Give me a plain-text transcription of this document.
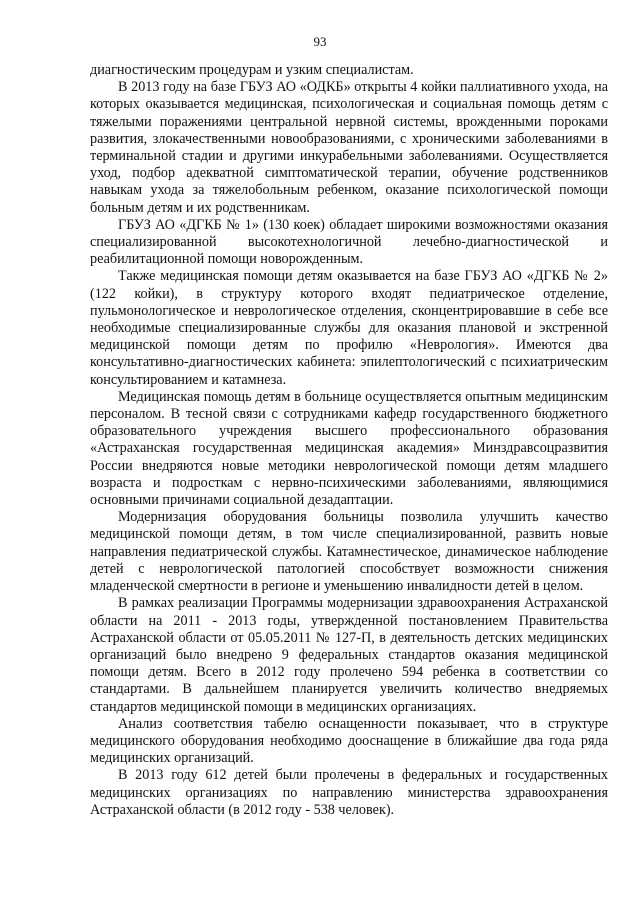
93

диагностическим процедурам и узким специалистам.

В 2013 году на базе ГБУЗ АО «ОДКБ» открыты 4 койки паллиативного ухода, на которых оказывается медицинская, психологическая и социальная помощь детям с тяжелыми поражениями центральной нервной системы, врожденными пороками развития, злокачественными новообразованиями, с хроническими заболеваниями в терминальной стадии и другими инкурабельными заболеваниями. Осуществляется уход, подбор адекватной симптоматической терапии, обучение родственников навыкам ухода за тяжелобольным ребенком, оказание психологической помощи больным детям и их родственникам.

ГБУЗ АО «ДГКБ № 1» (130 коек) обладает широкими возможностями оказания специализированной высокотехнологичной лечебно-диагностической и реабилитационной помощи новорожденным.

Также медицинская помощи детям оказывается на базе ГБУЗ АО «ДГКБ № 2» (122 койки), в структуру которого входят педиатрическое отделение, пульмонологическое и неврологическое отделения, сконцентрировавшие в себе все необходимые специализированные службы для оказания плановой и экстренной медицинской помощи детям по профилю «Неврология». Имеются два консультативно-диагностических кабинета: эпилептологический с психиатрическим консультированием и катамнеза.

Медицинская помощь детям в больнице осуществляется опытным медицинским персоналом. В тесной связи с сотрудниками кафедр государственного бюджетного образовательного учреждения высшего профессионального образования «Астраханская государственная медицинская академия» Минздравсоцразвития России внедряются новые методики неврологической помощи детям младшего возраста и подросткам с нервно-психическими заболеваниями, являющимися основными причинами социальной дезадаптации.

Модернизация оборудования больницы позволила улучшить качество медицинской помощи детям, в том числе специализированной, развить новые направления педиатрической службы. Катамнестическое, динамическое наблюдение детей с неврологической патологией способствует возможности снижения младенческой смертности в регионе и уменьшению инвалидности детей в целом.

В рамках реализации Программы модернизации здравоохранения Астраханской области на 2011 - 2013 годы, утвержденной постановлением Правительства Астраханской области от 05.05.2011 № 127-П, в деятельность детских медицинских организаций было внедрено 9 федеральных стандартов оказания медицинской помощи детям. Всего в 2012 году пролечено 594 ребенка в соответствии со стандартами. В дальнейшем планируется увеличить количество внедряемых стандартов медицинской помощи в медицинских организациях.

Анализ соответствия табелю оснащенности показывает, что в структуре медицинского оборудования необходимо дооснащение в ближайшие два года ряда медицинских организаций.

В 2013 году 612 детей были пролечены в федеральных и государственных медицинских организациях по направлению министерства здравоохранения Астраханской области (в 2012 году - 538 человек).
